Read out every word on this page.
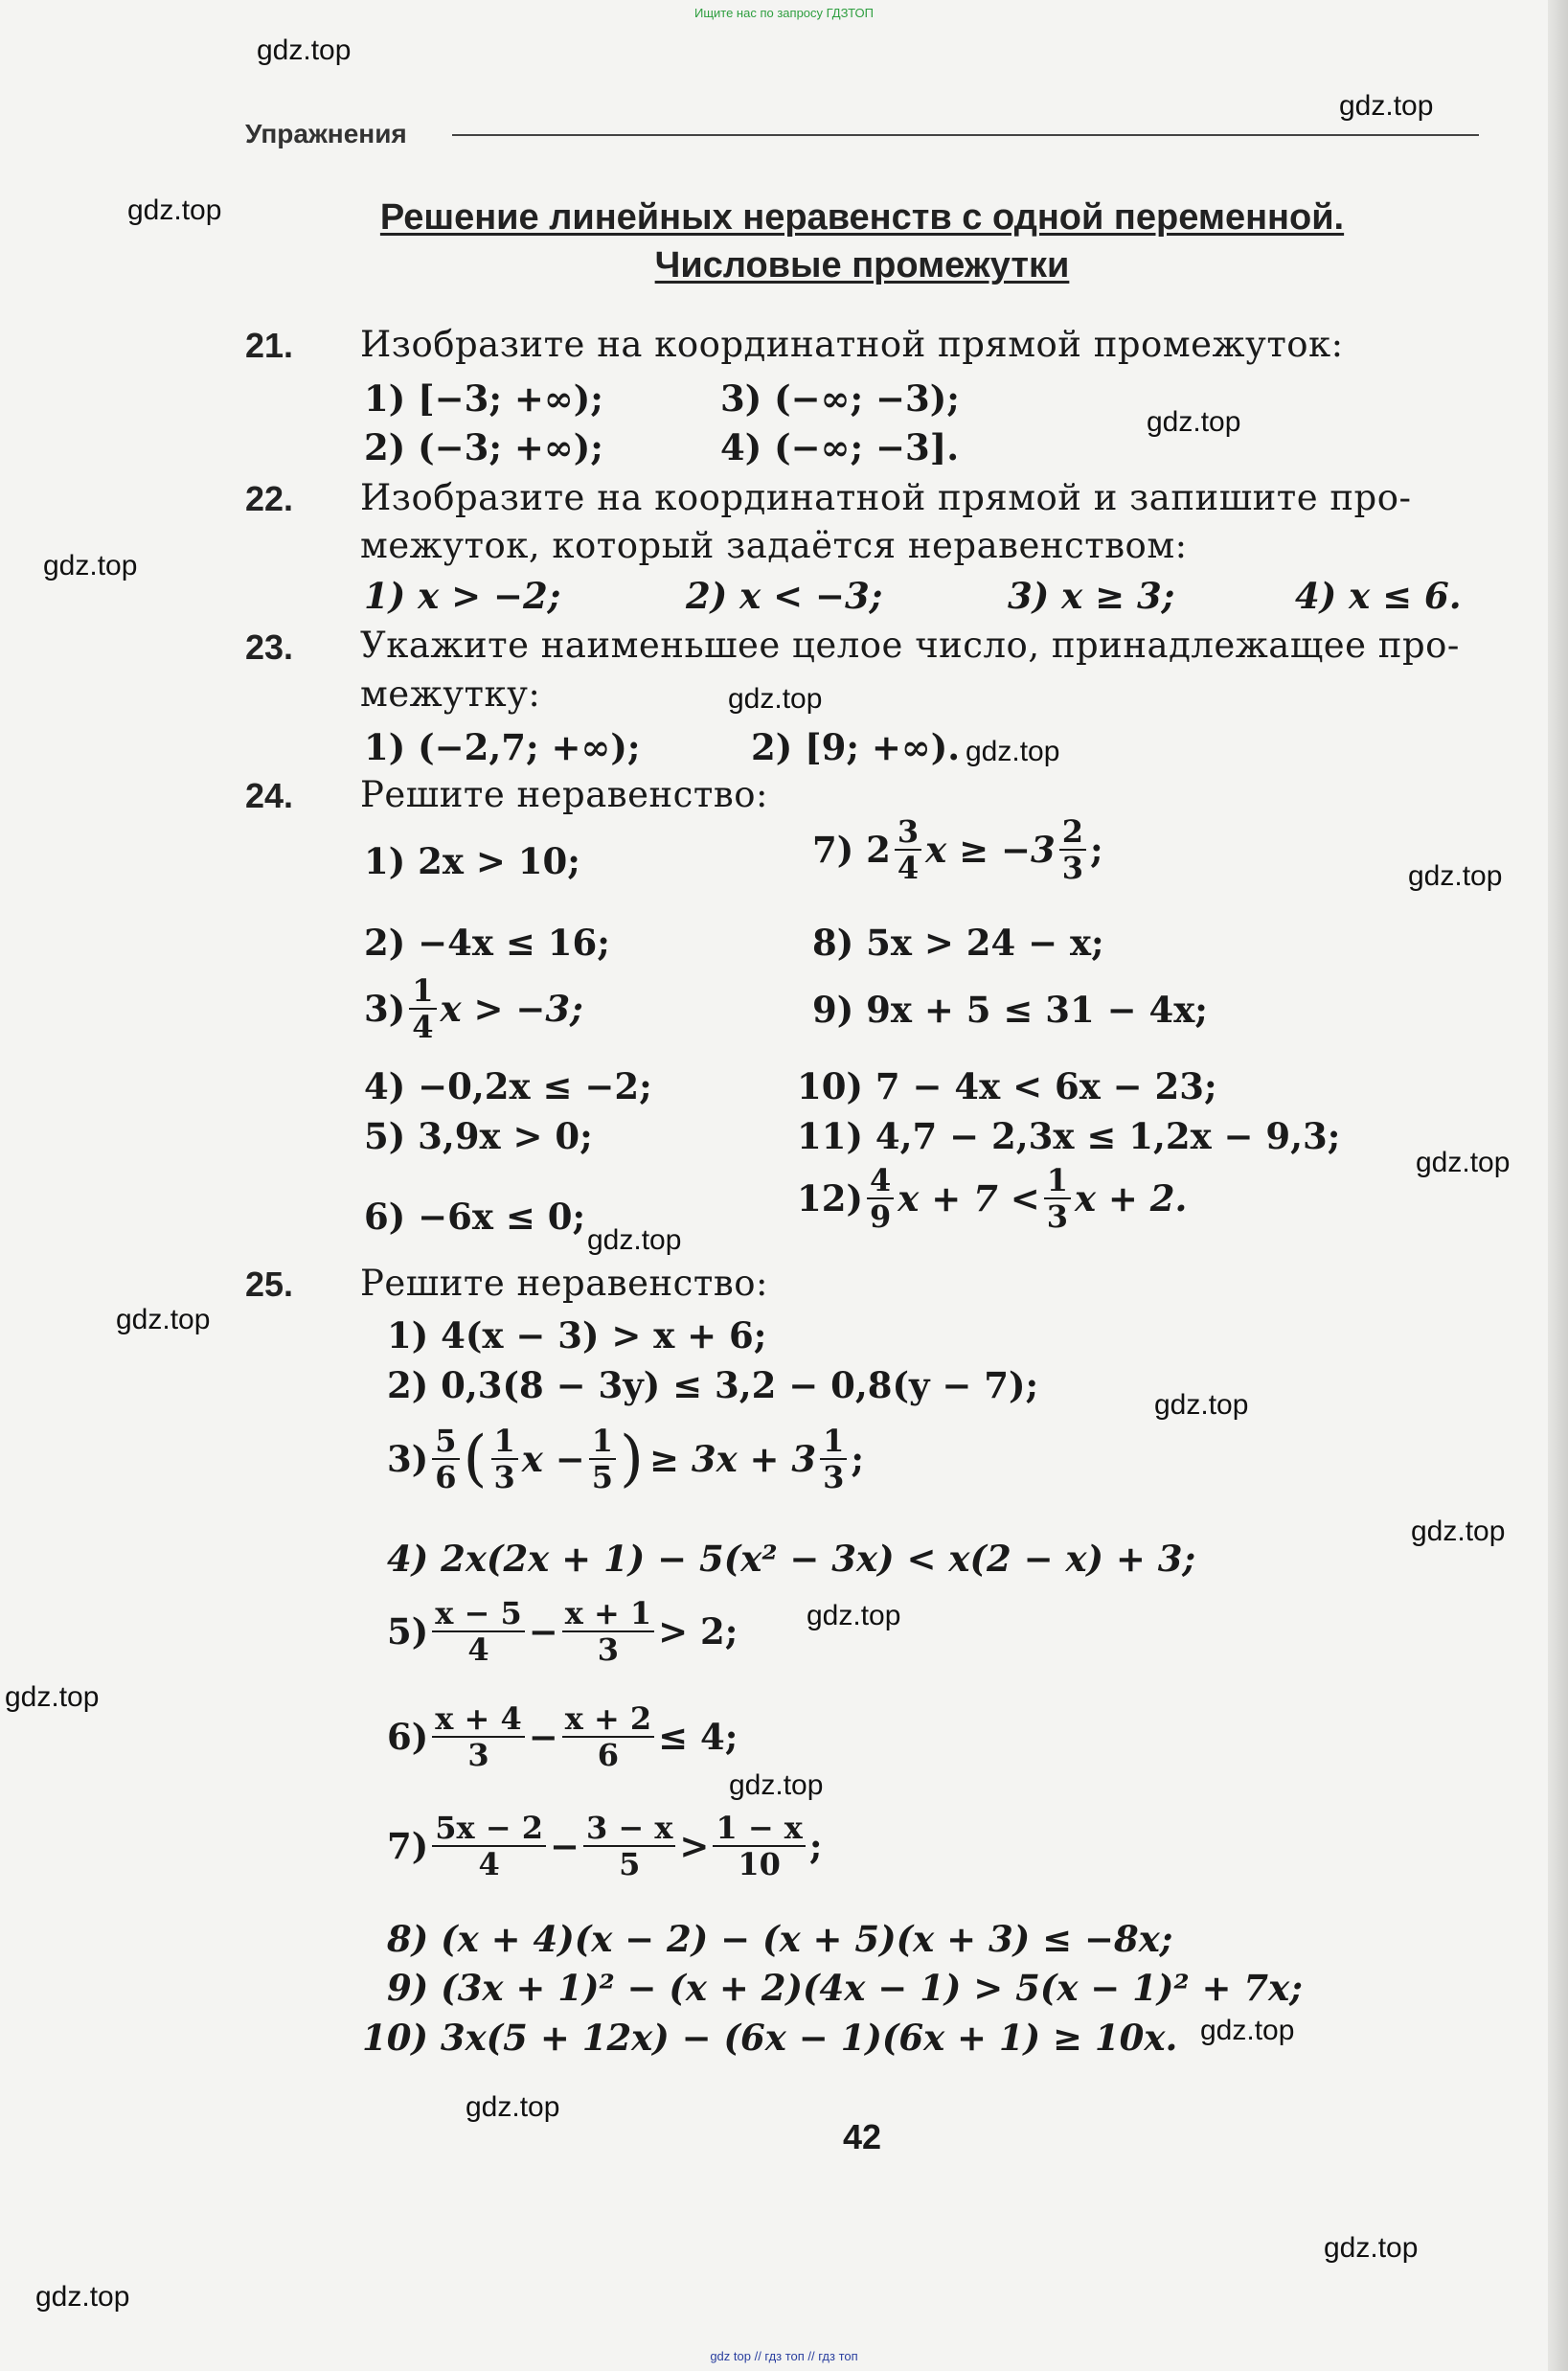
Ищите нас по запросу ГДЗТОП
gdz.top
gdz.top
gdz.top
gdz.top
gdz.top
gdz.top
gdz.top
gdz.top
gdz.top
gdz.top
gdz.top
gdz.top
gdz.top
gdz.top
gdz.top
gdz.top
gdz.top
gdz.top
gdz.top
gdz.top
Упражнения
Решение линейных неравенств с одной переменной.
Числовые промежутки
21. Изобразите на координатной прямой промежуток:
1) [−3; +∞);	3) (−∞; −3);
2) (−3; +∞);	4) (−∞; −3].
22. Изобразите на координатной прямой и запишите про-
межуток, который задаётся неравенством:
1) x > −2;	2) x < −3;	3) x ≥ 3;	4) x ≤ 6.
23. Укажите наименьшее целое число, принадлежащее про-
межутку:
1) (−2,7; +∞);	2) [9; +∞).
24. Решите неравенство:
1) 2x > 10;	7) $2 \frac{3}{4}$ $x \ge -3 \frac{2}{3}$ ;
2) −4x ≤ 16;	8) 5x > 24 − x;
$3) \frac{1}{4}$ x > −3;	9) 9x + 5 ≤ 31 − 4x;
4) −0,2x ≤ −2;	10) 7 − 4x < 6x − 23;
5) 3,9x > 0;	11) 4,7 − 2,3x ≤ 1,2x − 9,3;
6) −6x ≤ 0;	$12) \frac{4}{9}$ $x + 7 < \frac{1}{3}$ x + 2.
25. Решите неравенство:
1) 4(x − 3) > x + 6;
2) 0,3(8 − 3y) ≤ 3,2 − 0,8(y − 7);
$3) \frac{5}{6}$ ( $\frac{1}{3}$ $x - \frac{1}{5}$ ) ≥ $3x + 3 \frac{1}{3}$ ;
4) 2x(2x + 1) − 5(x² − 3x) < x(2 − x) + 3;
$5) \frac{x - 5}{4} - \frac{x + 1}{3} > 2$;
$6) \frac{x + 4}{3} - \frac{x + 2}{6} \le 4$;
$7) \frac{5x - 2}{4} - \frac{3 - x}{5} > \frac{1 - x}{10}$ ;
8) (x + 4)(x − 2) − (x + 5)(x + 3) ≤ −8x;
9) (3x + 1)² − (x + 2)(4x − 1) > 5(x − 1)² + 7x;
10) 3x(5 + 12x) − (6x − 1)(6x + 1) ≥ 10x.
42
gdz top // гдз топ // гдз топ
